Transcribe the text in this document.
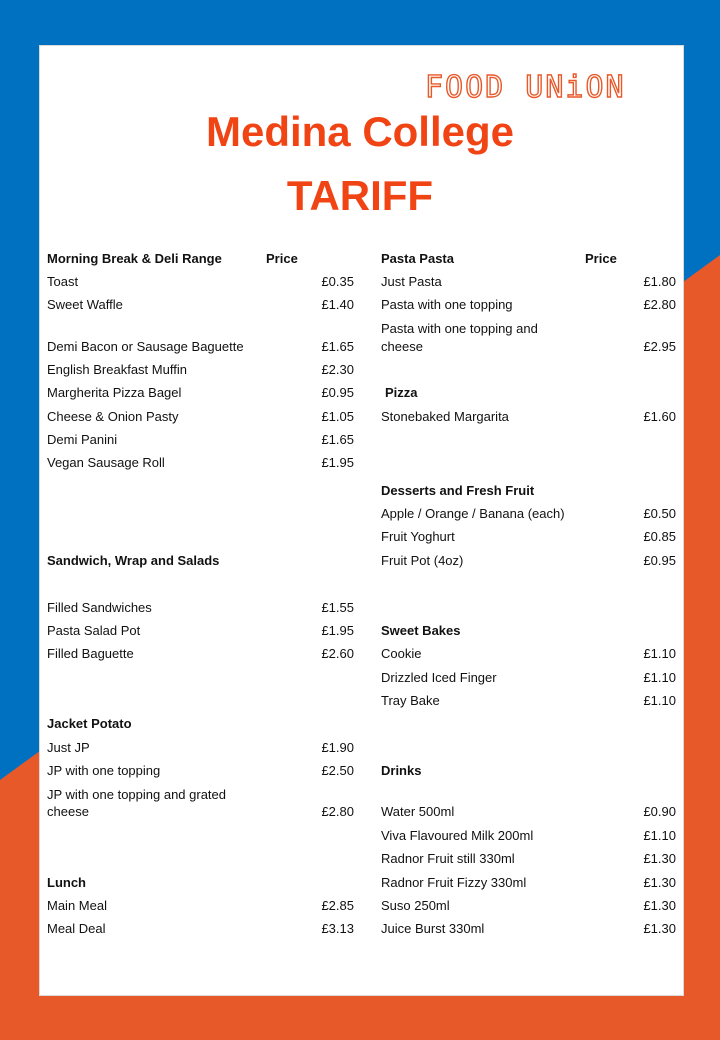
FOOD UNiON
Medina College
TARIFF
Morning Break & Deli Range	Price
Toast	£0.35
Sweet Waffle	£1.40
Demi Bacon or Sausage Baguette	£1.65
English Breakfast Muffin	£2.30
Margherita Pizza Bagel	£0.95
Cheese & Onion Pasty	£1.05
Demi Panini	£1.65
Vegan Sausage Roll	£1.95
Sandwich, Wrap and Salads
Filled Sandwiches	£1.55
Pasta Salad Pot	£1.95
Filled Baguette	£2.60
Jacket Potato
Just JP	£1.90
JP with one topping	£2.50
JP with one topping and grated
cheese	£2.80
Lunch
Main Meal	£2.85
Meal Deal	£3.13
Pasta Pasta	Price
Just Pasta	£1.80
Pasta with one topping	£2.80
Pasta with one topping and
cheese	£2.95
Pizza
Stonebaked Margarita	£1.60
Desserts and Fresh Fruit
Apple / Orange / Banana (each)	£0.50
Fruit Yoghurt	£0.85
Fruit Pot (4oz)	£0.95
Sweet Bakes
Cookie	£1.10
Drizzled Iced Finger	£1.10
Tray Bake	£1.10
Drinks
Water 500ml	£0.90
Viva Flavoured Milk 200ml	£1.10
Radnor Fruit still 330ml	£1.30
Radnor Fruit Fizzy 330ml	£1.30
Suso 250ml	£1.30
Juice Burst 330ml	£1.30
